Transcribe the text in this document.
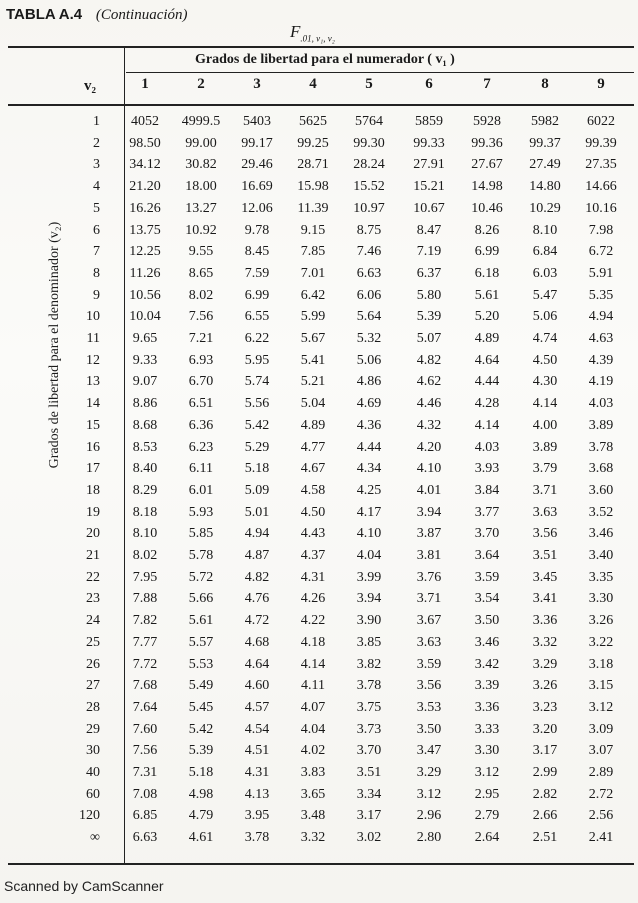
TABLA A.4 (Continuación)
$F_{.01, v_1, v_2}$
Grados de libertad para el numerador ( v₁ )
v₂	1	2	3	4	5	6	7	8	9
Grados de libertad para el denominador (v₂)
1	4052	4999.5	5403	5625	5764	5859	5928	5982	6022
2	98.50	99.00	99.17	99.25	99.30	99.33	99.36	99.37	99.39
3	34.12	30.82	29.46	28.71	28.24	27.91	27.67	27.49	27.35
4	21.20	18.00	16.69	15.98	15.52	15.21	14.98	14.80	14.66
5	16.26	13.27	12.06	11.39	10.97	10.67	10.46	10.29	10.16
6	13.75	10.92	9.78	9.15	8.75	8.47	8.26	8.10	7.98
7	12.25	9.55	8.45	7.85	7.46	7.19	6.99	6.84	6.72
8	11.26	8.65	7.59	7.01	6.63	6.37	6.18	6.03	5.91
9	10.56	8.02	6.99	6.42	6.06	5.80	5.61	5.47	5.35
10	10.04	7.56	6.55	5.99	5.64	5.39	5.20	5.06	4.94
11	9.65	7.21	6.22	5.67	5.32	5.07	4.89	4.74	4.63
12	9.33	6.93	5.95	5.41	5.06	4.82	4.64	4.50	4.39
13	9.07	6.70	5.74	5.21	4.86	4.62	4.44	4.30	4.19
14	8.86	6.51	5.56	5.04	4.69	4.46	4.28	4.14	4.03
15	8.68	6.36	5.42	4.89	4.36	4.32	4.14	4.00	3.89
16	8.53	6.23	5.29	4.77	4.44	4.20	4.03	3.89	3.78
17	8.40	6.11	5.18	4.67	4.34	4.10	3.93	3.79	3.68
18	8.29	6.01	5.09	4.58	4.25	4.01	3.84	3.71	3.60
19	8.18	5.93	5.01	4.50	4.17	3.94	3.77	3.63	3.52
20	8.10	5.85	4.94	4.43	4.10	3.87	3.70	3.56	3.46
21	8.02	5.78	4.87	4.37	4.04	3.81	3.64	3.51	3.40
22	7.95	5.72	4.82	4.31	3.99	3.76	3.59	3.45	3.35
23	7.88	5.66	4.76	4.26	3.94	3.71	3.54	3.41	3.30
24	7.82	5.61	4.72	4.22	3.90	3.67	3.50	3.36	3.26
25	7.77	5.57	4.68	4.18	3.85	3.63	3.46	3.32	3.22
26	7.72	5.53	4.64	4.14	3.82	3.59	3.42	3.29	3.18
27	7.68	5.49	4.60	4.11	3.78	3.56	3.39	3.26	3.15
28	7.64	5.45	4.57	4.07	3.75	3.53	3.36	3.23	3.12
29	7.60	5.42	4.54	4.04	3.73	3.50	3.33	3.20	3.09
30	7.56	5.39	4.51	4.02	3.70	3.47	3.30	3.17	3.07
40	7.31	5.18	4.31	3.83	3.51	3.29	3.12	2.99	2.89
60	7.08	4.98	4.13	3.65	3.34	3.12	2.95	2.82	2.72
120	6.85	4.79	3.95	3.48	3.17	2.96	2.79	2.66	2.56
∞	6.63	4.61	3.78	3.32	3.02	2.80	2.64	2.51	2.41
Scanned by CamScanner
